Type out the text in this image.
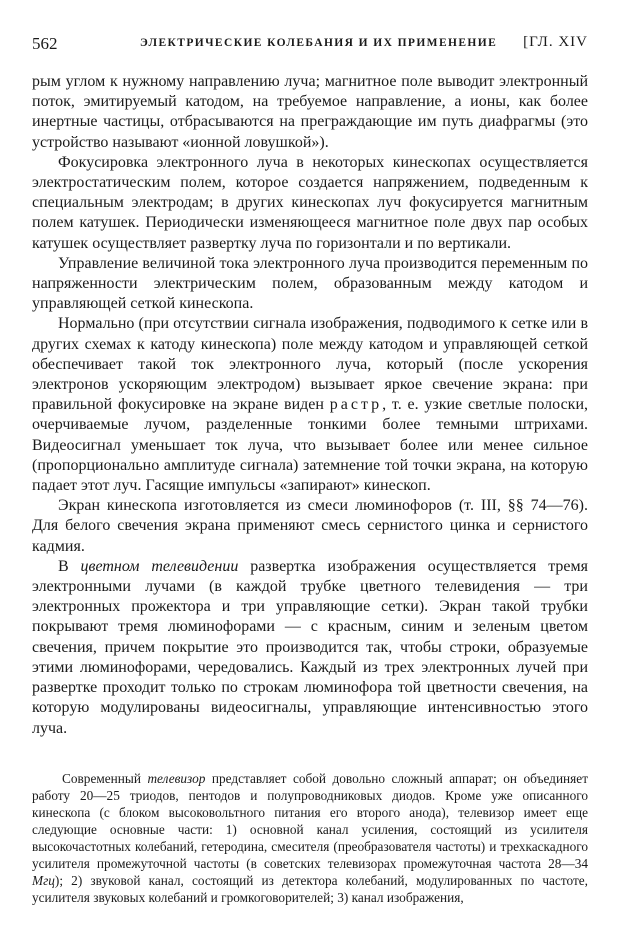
562	ЭЛЕКТРИЧЕСКИЕ КОЛЕБАНИЯ И ИХ ПРИМЕНЕНИЕ [ГЛ. XIV

рым углом к нужному направлению луча; магнитное поле выводит электронный поток, эмитируемый катодом, на требуемое направление, а ионы, как более инертные частицы, отбрасываются на преграждающие им путь диафрагмы (это устройство называют «ионной ловушкой»).

Фокусировка электронного луча в некоторых кинескопах осуществляется электростатическим полем, которое создается напряжением, подведенным к специальным электродам; в других кинескопах луч фокусируется магнитным полем катушек. Периодически изменяющееся магнитное поле двух пар особых катушек осуществляет развертку луча по горизонтали и по вертикали.

Управление величиной тока электронного луча производится переменным по напряженности электрическим полем, образованным между катодом и управляющей сеткой кинескопа.

Нормально (при отсутствии сигнала изображения, подводимого к сетке или в других схемах к катоду кинескопа) поле между катодом и управляющей сеткой обеспечивает такой ток электронного луча, который (после ускорения электронов ускоряющим электродом) вызывает яркое свечение экрана: при правильной фокусировке на экране виден растр, т. е. узкие светлые полоски, очерчиваемые лучом, разделенные тонкими более темными штрихами. Видеосигнал уменьшает ток луча, что вызывает более или менее сильное (пропорционально амплитуде сигнала) затемнение той точки экрана, на которую падает этот луч. Гасящие импульсы «запирают» кинескоп.

Экран кинескопа изготовляется из смеси люминофоров (т. III, §§ 74—76). Для белого свечения экрана применяют смесь сернистого цинка и сернистого кадмия.

В цветном телевидении развертка изображения осуществляется тремя электронными лучами (в каждой трубке цветного телевидения — три электронных прожектора и три управляющие сетки). Экран такой трубки покрывают тремя люминофорами — с красным, синим и зеленым цветом свечения, причем покрытие это производится так, чтобы строки, образуемые этими люминофорами, чередовались. Каждый из трех электронных лучей при развертке проходит только по строкам люминофора той цветности свечения, на которую модулированы видеосигналы, управляющие интенсивностью этого луча.

Современный телевизор представляет собой довольно сложный аппарат; он объединяет работу 20—25 триодов, пентодов и полупроводниковых диодов. Кроме уже описанного кинескопа (с блоком высоковольтного питания его второго анода), телевизор имеет еще следующие основные части: 1) основной канал усиления, состоящий из усилителя высокочастотных колебаний, гетеродина, смесителя (преобразователя частоты) и трехкаскадного усилителя промежуточной частоты (в советских телевизорах промежуточная частота 28—34 Мгц); 2) звуковой канал, состоящий из детектора колебаний, модулированных по частоте, усилителя звуковых колебаний и громкоговорителей; 3) канал изображения,
